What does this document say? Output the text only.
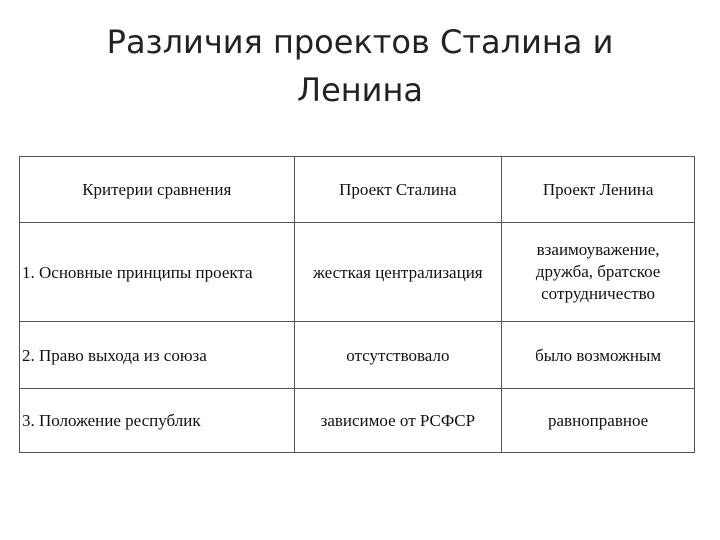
Различия проектов Сталина и
Ленина
Критерии сравнения	Проект Сталина	Проект Ленина
1. Основные принципы проекта	жесткая централизация	взаимоуважение,
дружба, братское
сотрудничество

2. Право выхода из союза	отсутствовало	было возможным
3. Положение республик	зависимое от РСФСР	равноправное
